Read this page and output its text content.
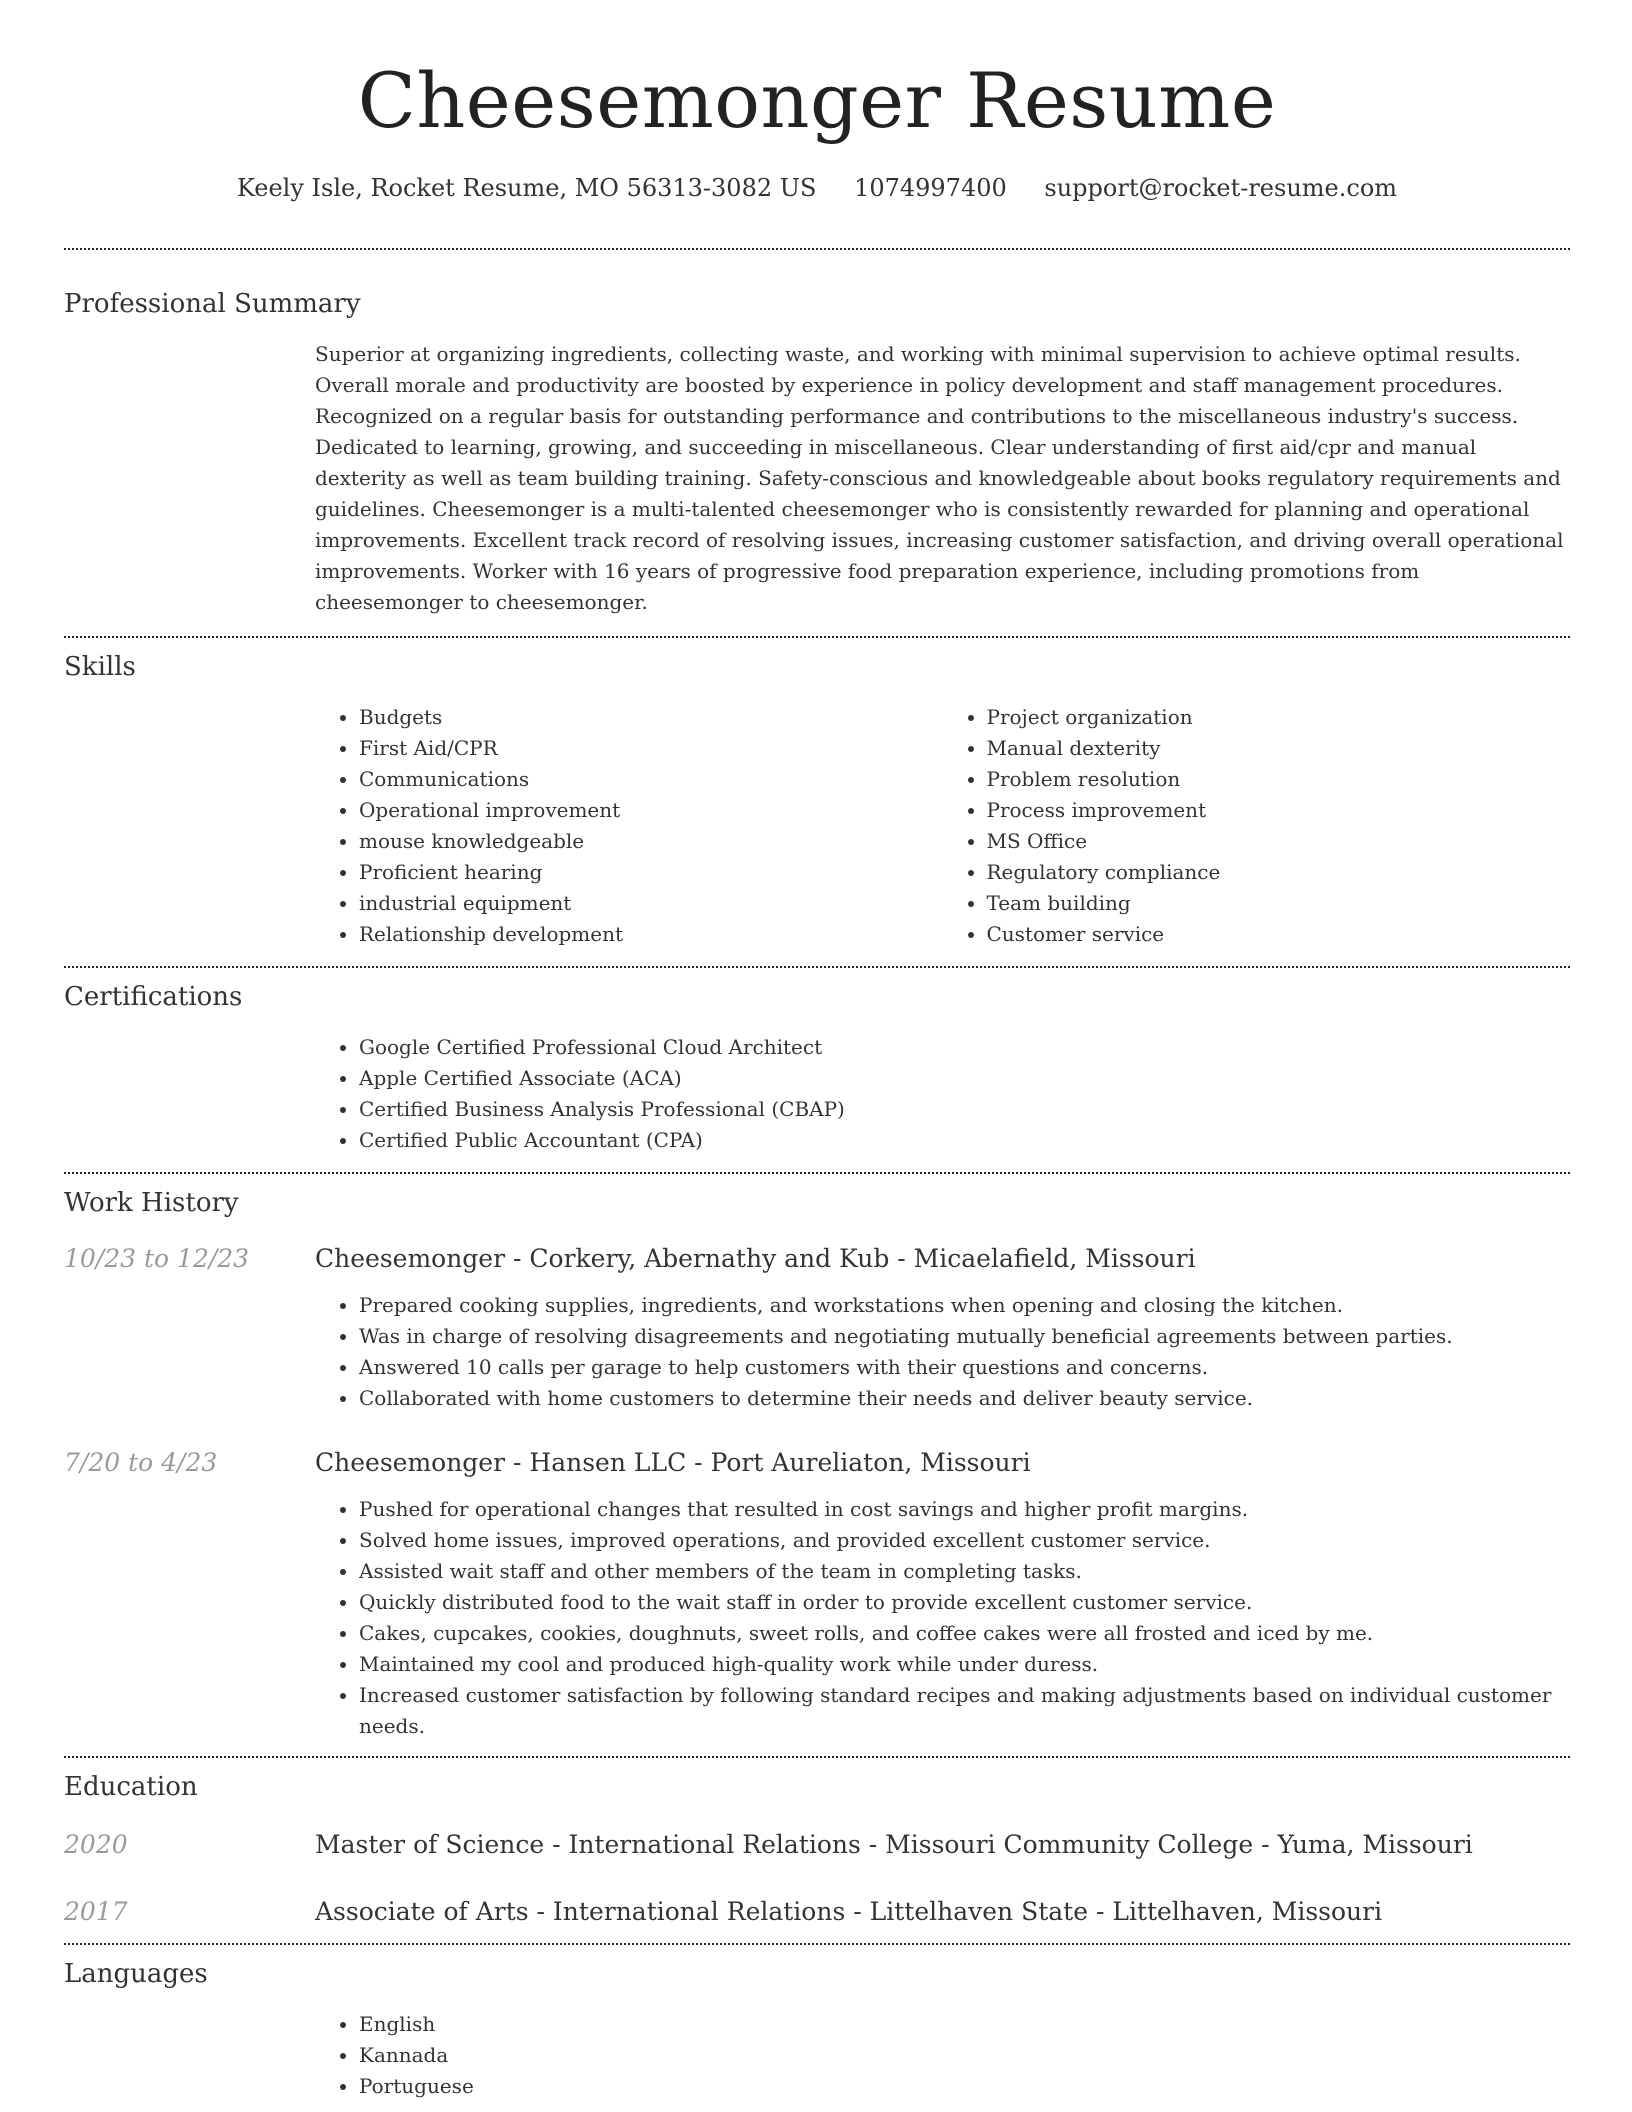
Cheesemonger Resume
Keely Isle, Rocket Resume, MO 56313-3082 US 1074997400 support@rocket-resume.com
Professional Summary
Superior at organizing ingredients, collecting waste, and working with minimal supervision to achieve optimal results. Overall morale and productivity are boosted by experience in policy development and staff management procedures. Recognized on a regular basis for outstanding performance and contributions to the miscellaneous industry's success. Dedicated to learning, growing, and succeeding in miscellaneous. Clear understanding of first aid/cpr and manual dexterity as well as team building training. Safety-conscious and knowledgeable about books regulatory requirements and guidelines. Cheesemonger is a multi-talented cheesemonger who is consistently rewarded for planning and operational improvements. Excellent track record of resolving issues, increasing customer satisfaction, and driving overall operational improvements. Worker with 16 years of progressive food preparation experience, including promotions from cheesemonger to cheesemonger.
Skills
• Budgets
• First Aid/CPR
• Communications
• Operational improvement
• mouse knowledgeable
• Proficient hearing
• industrial equipment
• Relationship development
• Project organization
• Manual dexterity
• Problem resolution
• Process improvement
• MS Office
• Regulatory compliance
• Team building
• Customer service
Certifications
• Google Certified Professional Cloud Architect
• Apple Certified Associate (ACA)
• Certified Business Analysis Professional (CBAP)
• Certified Public Accountant (CPA)
Work History
10/23 to 12/23	Cheesemonger - Corkery, Abernathy and Kub - Micaelafield, Missouri
• Prepared cooking supplies, ingredients, and workstations when opening and closing the kitchen.
• Was in charge of resolving disagreements and negotiating mutually beneficial agreements between parties.
• Answered 10 calls per garage to help customers with their questions and concerns.
• Collaborated with home customers to determine their needs and deliver beauty service.
7/20 to 4/23	Cheesemonger - Hansen LLC - Port Aureliaton, Missouri
• Pushed for operational changes that resulted in cost savings and higher profit margins.
• Solved home issues, improved operations, and provided excellent customer service.
• Assisted wait staff and other members of the team in completing tasks.
• Quickly distributed food to the wait staff in order to provide excellent customer service.
• Cakes, cupcakes, cookies, doughnuts, sweet rolls, and coffee cakes were all frosted and iced by me.
• Maintained my cool and produced high-quality work while under duress.
• Increased customer satisfaction by following standard recipes and making adjustments based on individual customer needs.
Education
2020	Master of Science - International Relations - Missouri Community College - Yuma, Missouri
2017	Associate of Arts - International Relations - Littelhaven State - Littelhaven, Missouri
Languages
• English
• Kannada
• Portuguese
